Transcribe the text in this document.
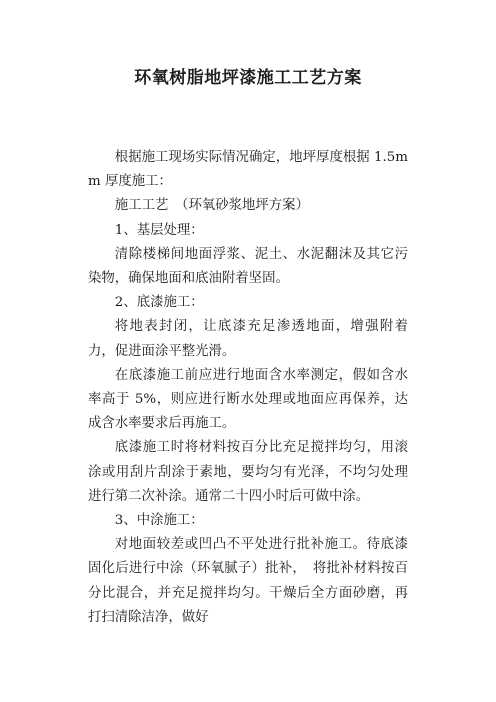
环氧树脂地坪漆施工工艺方案

根据施工现场实际情况确定，地坪厚度根据 1.5mm 厚度施工：

施工工艺　（环氧砂浆地坪方案）

1、基层处理：

清除楼梯间地面浮浆、泥土、水泥翻沫及其它污染物，确保地面和底油附着坚固。

2、底漆施工：

将地表封闭，让底漆充足渗透地面，增强附着力，促进面涂平整光滑。

在底漆施工前应进行地面含水率测定，假如含水率高于 5%，则应进行断水处理或地面应再保养，达成含水率要求后再施工。

底漆施工时将材料按百分比充足搅拌均匀，用滚涂或用刮片刮涂于素地，要均匀有光泽，不均匀处理进行第二次补涂。通常二十四小时后可做中涂。

3、中涂施工：

对地面较差或凹凸不平处进行批补施工。待底漆固化后进行中涂（环氧腻子）批补，　将批补材料按百分比混合，并充足搅拌均匀。干燥后全方面砂磨，再打扫清除洁净，做好
